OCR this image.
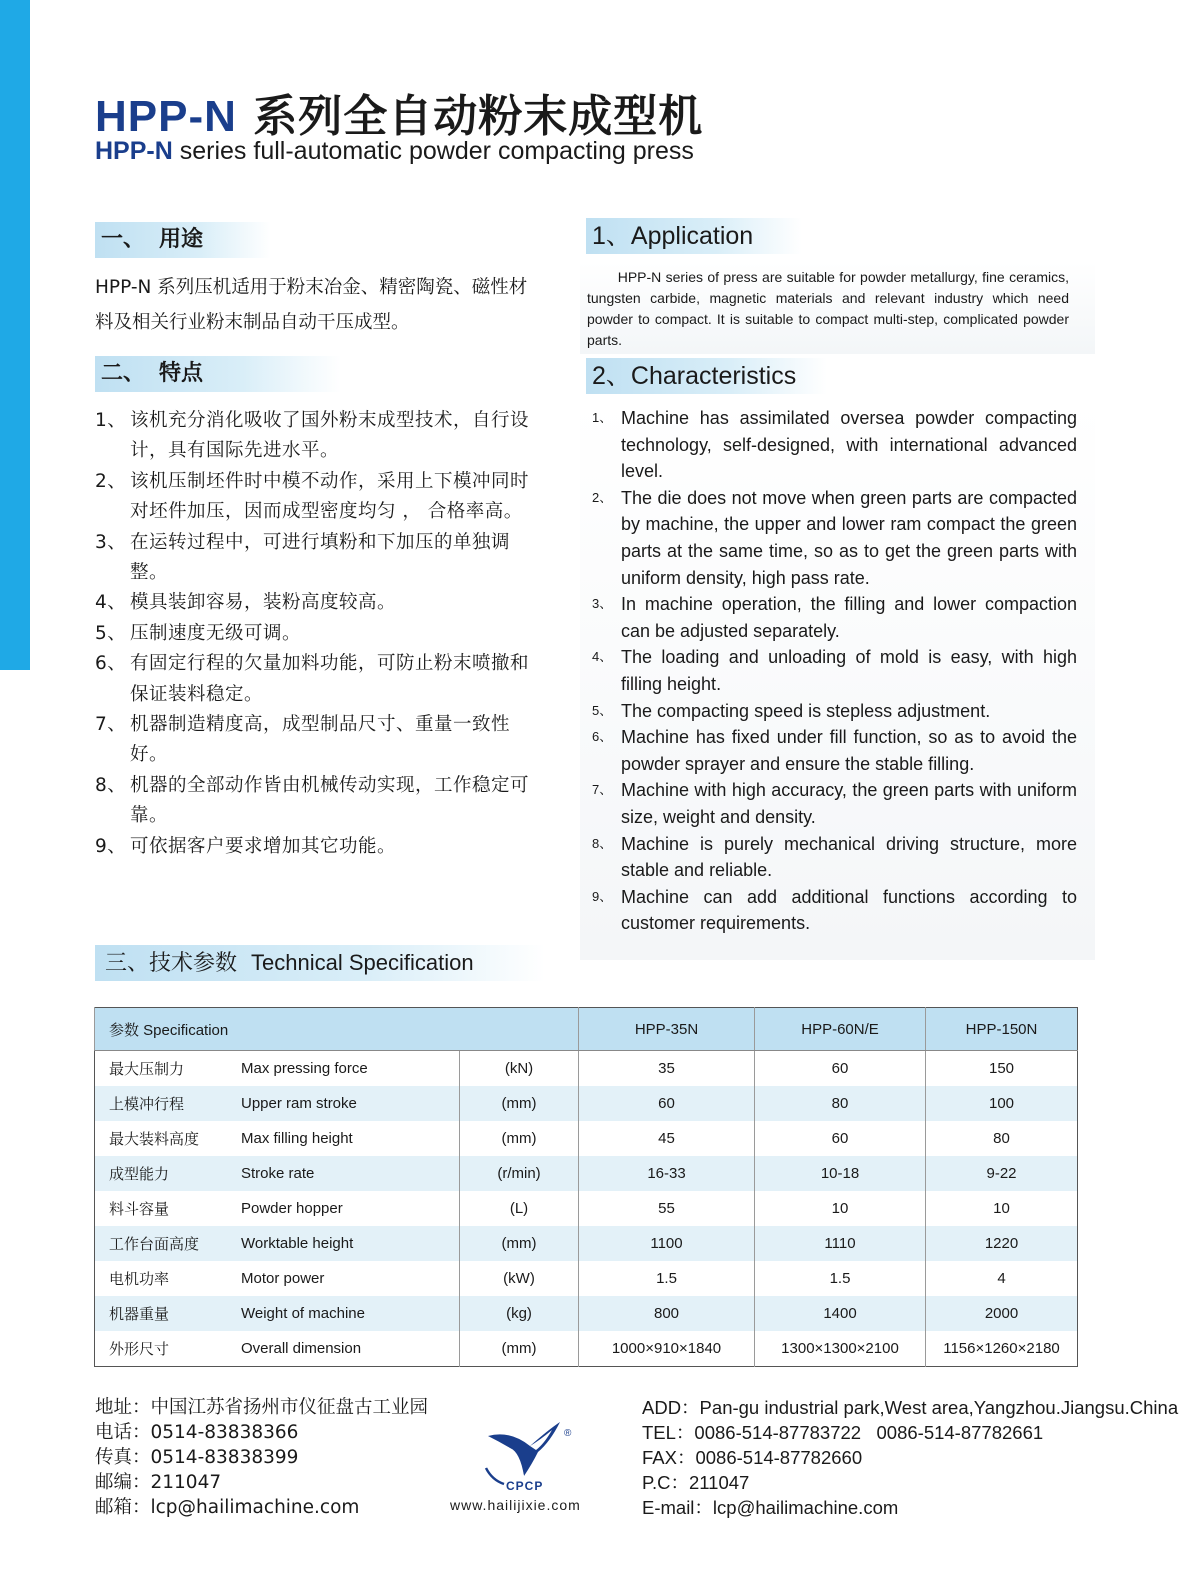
HPP-N 系列全自动粉末成型机
HPP-N series full-automatic powder compacting press
一、 用途	1、Application

HPP-N 系列压机适用于粉末冶金、精密陶瓷、磁性材料及相关行业粉末制品自动干压成型。

HPP-N series of press are suitable for powder metallurgy, fine ceramics, tungsten carbide, magnetic materials and relevant industry which need powder to compact. It is suitable to compact multi-step, complicated powder parts.

二、 特点	2、Characteristics
1、 该机充分消化吸收了国外粉末成型技术，自行设计，具有国际先进水平。
2、 该机压制坯件时中模不动作，采用上下模冲同时对坯件加压，因而成型密度均匀 ， 合格率高。
3、 在运转过程中，可进行填粉和下加压的单独调整。
4、 模具装卸容易，装粉高度较高。
5、 压制速度无级可调。
6、 有固定行程的欠量加料功能，可防止粉末喷撤和保证装料稳定。
7、 机器制造精度高，成型制品尺寸、重量一致性好。
8、 机器的全部动作皆由机械传动实现，工作稳定可靠。
9、 可依据客户要求增加其它功能。
1、 Machine has assimilated oversea powder compacting technology, self-designed, with international advanced level.
2、 The die does not move when green parts are compacted by machine, the upper and lower ram compact the green parts at the same time, so as to get the green parts with uniform density, high pass rate.
3、 In machine operation, the filling and lower compaction can be adjusted separately.
4、 The loading and unloading of mold is easy, with high filling height.
5、 The compacting speed is stepless adjustment.
6、 Machine has fixed under fill function, so as to avoid the powder sprayer and ensure the stable filling.
7、 Machine with high accuracy, the green parts with uniform size, weight and density.
8、 Machine is purely mechanical driving structure, more stable and reliable.
9、 Machine can add additional functions according to customer requirements.
三、技术参数 Technical Specification
参数 Specification			HPP-35N	HPP-60N/E	HPP-150N
最大压制力	Max pressing force	(kN)	35	60	150
上模冲行程	Upper ram stroke	(mm)	60	80	100
最大装料高度	Max filling height	(mm)	45	60	80
成型能力	Stroke rate	(r/min)	16-33	10-18	9-22
料斗容量	Powder hopper	(L)	55	10	10
工作台面高度	Worktable height	(mm)	1100	1110	1220
电机功率	Motor power	(kW)	1.5	1.5	4
机器重量	Weight of machine	(kg)	800	1400	2000
外形尺寸	Overall dimension	(mm)	1000×910×1840	1300×1300×2100	1156×1260×2180
地址：中国江苏省扬州市仪征盘古工业园
电话：0514-83838366
传真：0514-83838399
邮编：211047
邮箱：lcp@hailimachine.com
CPCP
®
www.hailijixie.com
ADD：Pan-gu industrial park,West area,Yangzhou.Jiangsu.China
TEL：0086-514-87783722   0086-514-87782661
FAX：0086-514-87782660
P.C：211047
E-mail：lcp@hailimachine.com
